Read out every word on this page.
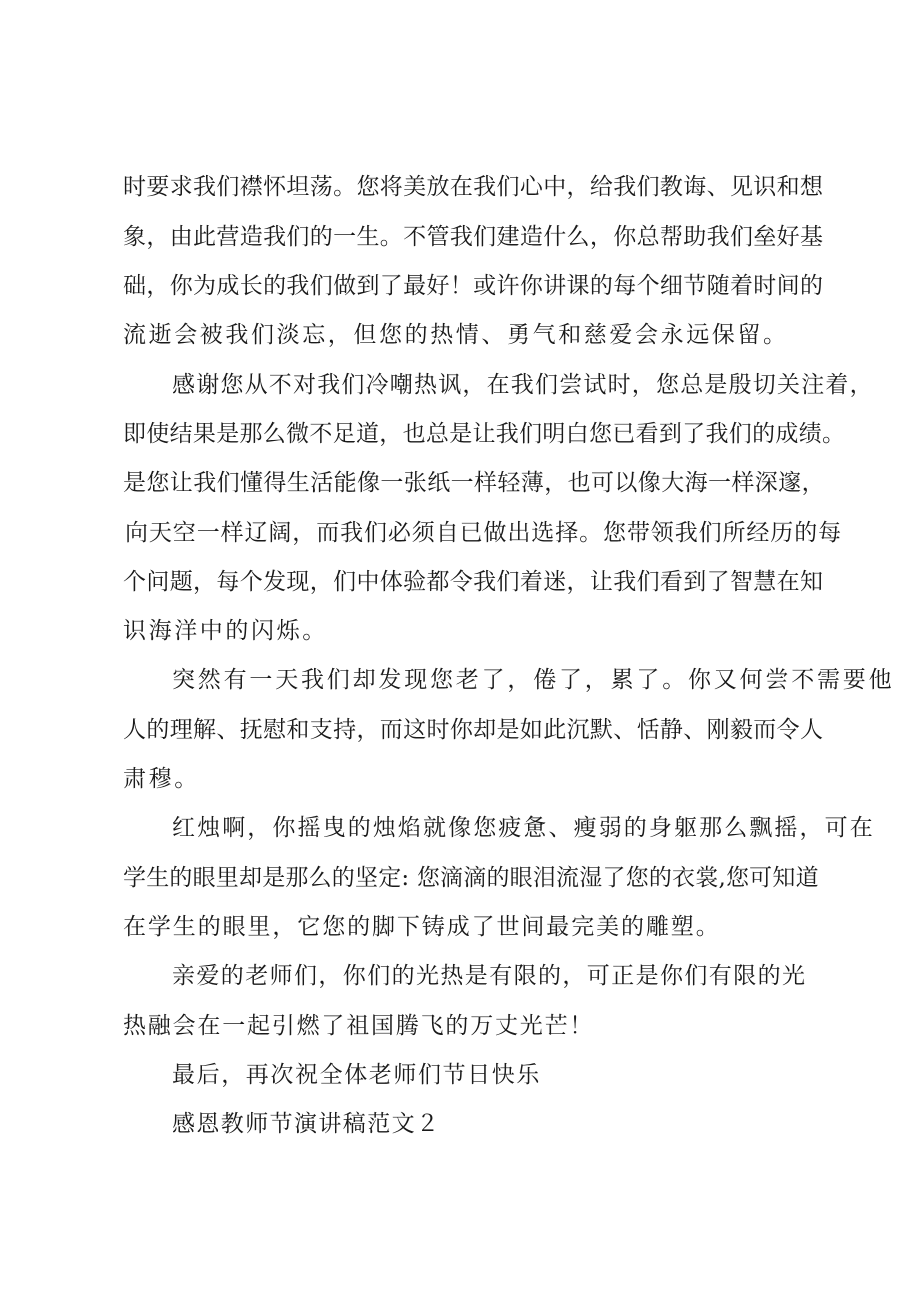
时要求我们襟怀坦荡。您将美放在我们心中，给我们教诲、见识和想
象，由此营造我们的一生。不管我们建造什么，你总帮助我们垒好基
础，你为成长的我们做到了最好！或许你讲课的每个细节随着时间的
流逝会被我们淡忘，但您的热情、勇气和慈爱会永远保留。
感谢您从不对我们冷嘲热讽，在我们尝试时，您总是殷切关注着，
即使结果是那么微不足道，也总是让我们明白您已看到了我们的成绩。
是您让我们懂得生活能像一张纸一样轻薄，也可以像大海一样深邃，
向天空一样辽阔，而我们必须自已做出选择。您带领我们所经历的每
个问题，每个发现，们中体验都令我们着迷，让我们看到了智慧在知
识海洋中的闪烁。
突然有一天我们却发现您老了，倦了，累了。你又何尝不需要他
人的理解、抚慰和支持，而这时你却是如此沉默、恬静、刚毅而令人
肃穆。
红烛啊，你摇曳的烛焰就像您疲惫、瘦弱的身躯那么飘摇，可在
学生的眼里却是那么的坚定: 您滴滴的眼泪流湿了您的衣裳,您可知道
在学生的眼里，它您的脚下铸成了世间最完美的雕塑。
亲爱的老师们，你们的光热是有限的，可正是你们有限的光
热融会在一起引燃了祖国腾飞的万丈光芒！
最后，再次祝全体老师们节日快乐
感恩教师节演讲稿范文２
